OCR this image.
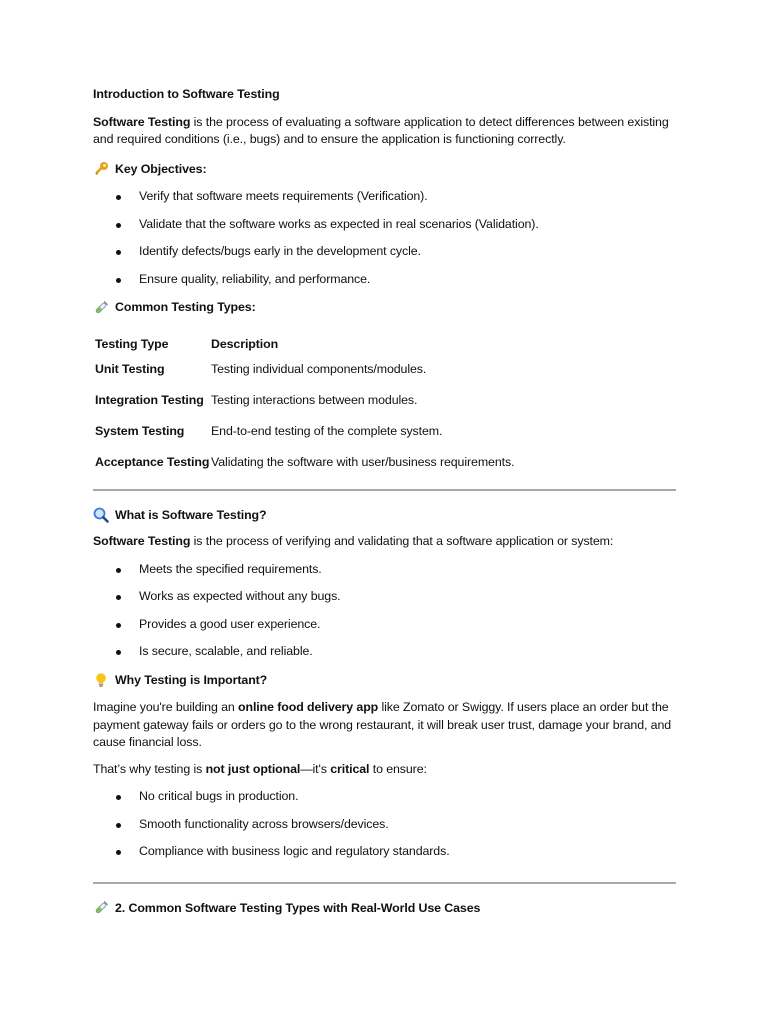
Introduction to Software Testing

Software Testing is the process of evaluating a software application to detect differences between existing and required conditions (i.e., bugs) and to ensure the application is functioning correctly.

Key Objectives:
Verify that software meets requirements (Verification).
Validate that the software works as expected in real scenarios (Validation).
Identify defects/bugs early in the development cycle.
Ensure quality, reliability, and performance.
Common Testing Types:
Testing Type	Description
Unit Testing	Testing individual components/modules.
Integration Testing	Testing interactions between modules.
System Testing	End-to-end testing of the complete system.
Acceptance Testing	Validating the software with user/business requirements.
What is Software Testing?

Software Testing is the process of verifying and validating that a software application or system:

Meets the specified requirements.
Works as expected without any bugs.
Provides a good user experience.
Is secure, scalable, and reliable.
Why Testing is Important?

Imagine you're building an online food delivery app like Zomato or Swiggy. If users place an order but the payment gateway fails or orders go to the wrong restaurant, it will break user trust, damage your brand, and cause financial loss.

That’s why testing is not just optional—it's critical to ensure:

No critical bugs in production.
Smooth functionality across browsers/devices.
Compliance with business logic and regulatory standards.
2. Common Software Testing Types with Real-World Use Cases
